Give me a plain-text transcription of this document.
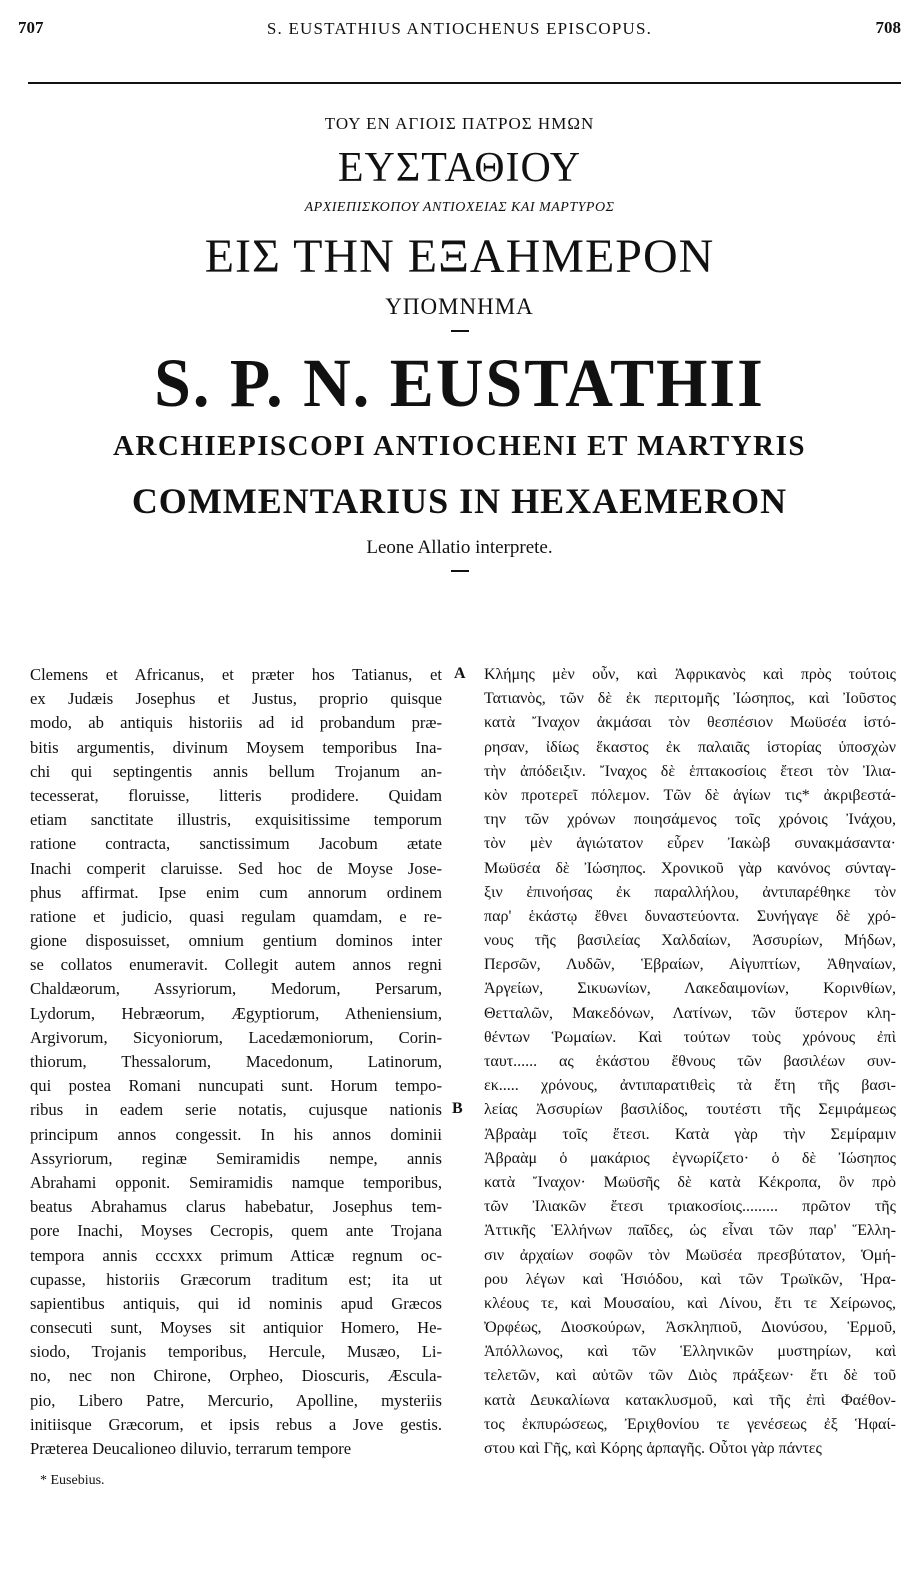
707	S. EUSTATHIUS ANTIOCHENUS EPISCOPUS.	708
ΤΟΥ ΕΝ ΑΓΙΟΙΣ ΠΑΤΡΟΣ ΗΜΩΝ
ΕΥΣΤΑΘΙΟΥ
ΑΡΧΙΕΠΙΣΚΟΠΟΥ ΑΝΤΙΟΧΕΙΑΣ ΚΑΙ ΜΑΡΤΥΡΟΣ
ΕΙΣ ΤΗΝ ΕΞΑΗΜΕΡΟΝ
ΥΠΟΜΝΗΜΑ
S. P. N. EUSTATHII
ARCHIEPISCOPI ANTIOCHENI ET MARTYRIS
COMMENTARIUS IN HEXAEMERON
Leone Allatio interprete.
Clemens et Africanus, et præter hos Tatianus, et
ex Judæis Josephus et Justus, proprio quisque
modo, ab antiquis historiis ad id probandum præ-
bitis argumentis, divinum Moysem temporibus Ina-
chi qui septingentis annis bellum Trojanum an-
tecesserat, floruisse, litteris prodidere. Quidam
etiam sanctitate illustris, exquisitissime temporum
ratione contracta, sanctissimum Jacobum ætate
Inachi comperit claruisse. Sed hoc de Moyse Jose-
phus affirmat. Ipse enim cum annorum ordinem
ratione et judicio, quasi regulam quamdam, e re-
gione disposuisset, omnium gentium dominos inter
se collatos enumeravit. Collegit autem annos regni
Chaldæorum, Assyriorum, Medorum, Persarum,
Lydorum, Hebræorum, Ægyptiorum, Atheniensium,
Argivorum, Sicyoniorum, Lacedæmoniorum, Corin-
thiorum, Thessalorum, Macedonum, Latinorum,
qui postea Romani nuncupati sunt. Horum tempo-
ribus in eadem serie notatis, cujusque nationis
principum annos congessit. In his annos dominii
Assyriorum, reginæ Semiramidis nempe, annis
Abrahami opponit. Semiramidis namque temporibus,
beatus Abrahamus clarus habebatur, Josephus tem-
pore Inachi, Moyses Cecropis, quem ante Trojana
tempora annis cccxxx primum Atticæ regnum oc-
cupasse, historiis Græcorum traditum est; ita ut
sapientibus antiquis, qui id nominis apud Græcos
consecuti sunt, Moyses sit antiquior Homero, He-
siodo, Trojanis temporibus, Hercule, Musæo, Li-
no, nec non Chirone, Orpheo, Dioscuris, Æscula-
pio, Libero Patre, Mercurio, Apolline, mysteriis
initiisque Græcorum, et ipsis rebus a Jove gestis.
Præterea Deucalioneo diluvio, terrarum tempore
Κλήμης μὲν οὖν, καὶ Ἀφρικανὸς καὶ πρὸς τούτοις
Τατιανὸς, τῶν δὲ ἐκ περιτομῆς Ἰώσηπος, καὶ Ἰοῦστος
κατὰ Ἴναχον ἀκμάσαι τὸν θεσπέσιον Μωϋσέα ἱστό-
ρησαν, ἰδίως ἕκαστος ἐκ παλαιᾶς ἱστορίας ὑποσχὼν
τὴν ἀπόδειξιν. Ἴναχος δὲ ἑπτακοσίοις ἔτεσι τὸν Ἰλια-
κὸν προτερεῖ πόλεμον. Τῶν δὲ ἁγίων τις* ἀκριβεστά-
την τῶν χρόνων ποιησάμενος τοῖς χρόνοις Ἰνάχου,
τὸν μὲν ἁγιώτατον εὗρεν Ἰακὼβ συνακμάσαντα·
Μωϋσέα δὲ Ἰώσηπος. Χρονικοῦ γὰρ κανόνος σύνταγ-
ξιν ἐπινοήσας ἐκ παραλλήλου, ἀντιπαρέθηκε τὸν
παρ' ἑκάστῳ ἔθνει δυναστεύοντα. Συνήγαγε δὲ χρό-
νους τῆς βασιλείας Χαλδαίων, Ἀσσυρίων, Μήδων,
Περσῶν, Λυδῶν, Ἑβραίων, Αἰγυπτίων, Ἀθηναίων,
Ἀργείων, Σικυωνίων, Λακεδαιμονίων, Κορινθίων,
Θετταλῶν, Μακεδόνων, Λατίνων, τῶν ὕστερον κλη-
θέντων Ῥωμαίων. Καὶ τούτων τοὺς χρόνους ἐπὶ
ταυτ...... ας ἑκάστου ἔθνους τῶν βασιλέων συν-
εκ..... χρόνους, ἀντιπαρατιθεὶς τὰ ἔτη τῆς βασι-
λείας Ἀσσυρίων βασιλίδος, τουτέστι τῆς Σεμιράμεως
Ἀβραὰμ τοῖς ἔτεσι. Κατὰ γὰρ τὴν Σεμίραμιν
Ἀβραὰμ ὁ μακάριος ἐγνωρίζετο· ὁ δὲ Ἰώσηπος
κατὰ Ἴναχον· Μωϋσῆς δὲ κατὰ Κέκροπα, ὃν πρὸ
τῶν Ἰλιακῶν ἔτεσι τριακοσίοις......... πρῶτον τῆς
Ἀττικῆς Ἑλλήνων παῖδες, ὡς εἶναι τῶν παρ' Ἕλλη-
σιν ἀρχαίων σοφῶν τὸν Μωϋσέα πρεσβύτατον, Ὁμή-
ρου λέγων καὶ Ἡσιόδου, καὶ τῶν Τρωϊκῶν, Ἡρα-
κλέους τε, καὶ Μουσαίου, καὶ Λίνου, ἔτι τε Χείρωνος,
Ὀρφέως, Διοσκούρων, Ἀσκληπιοῦ, Διονύσου, Ἑρμοῦ,
Ἀπόλλωνος, καὶ τῶν Ἑλληνικῶν μυστηρίων, καὶ
τελετῶν, καὶ αὐτῶν τῶν Διὸς πράξεων· ἔτι δὲ τοῦ
κατὰ Δευκαλίωνα κατακλυσμοῦ, καὶ τῆς ἐπὶ Φαέθον-
τος ἐκπυρώσεως, Ἐριχθονίου τε γενέσεως ἐξ Ἡφαί-
στου καὶ Γῆς, καὶ Κόρης ἁρπαγῆς. Οὗτοι γὰρ πάντες
A
B
* Eusebius.
